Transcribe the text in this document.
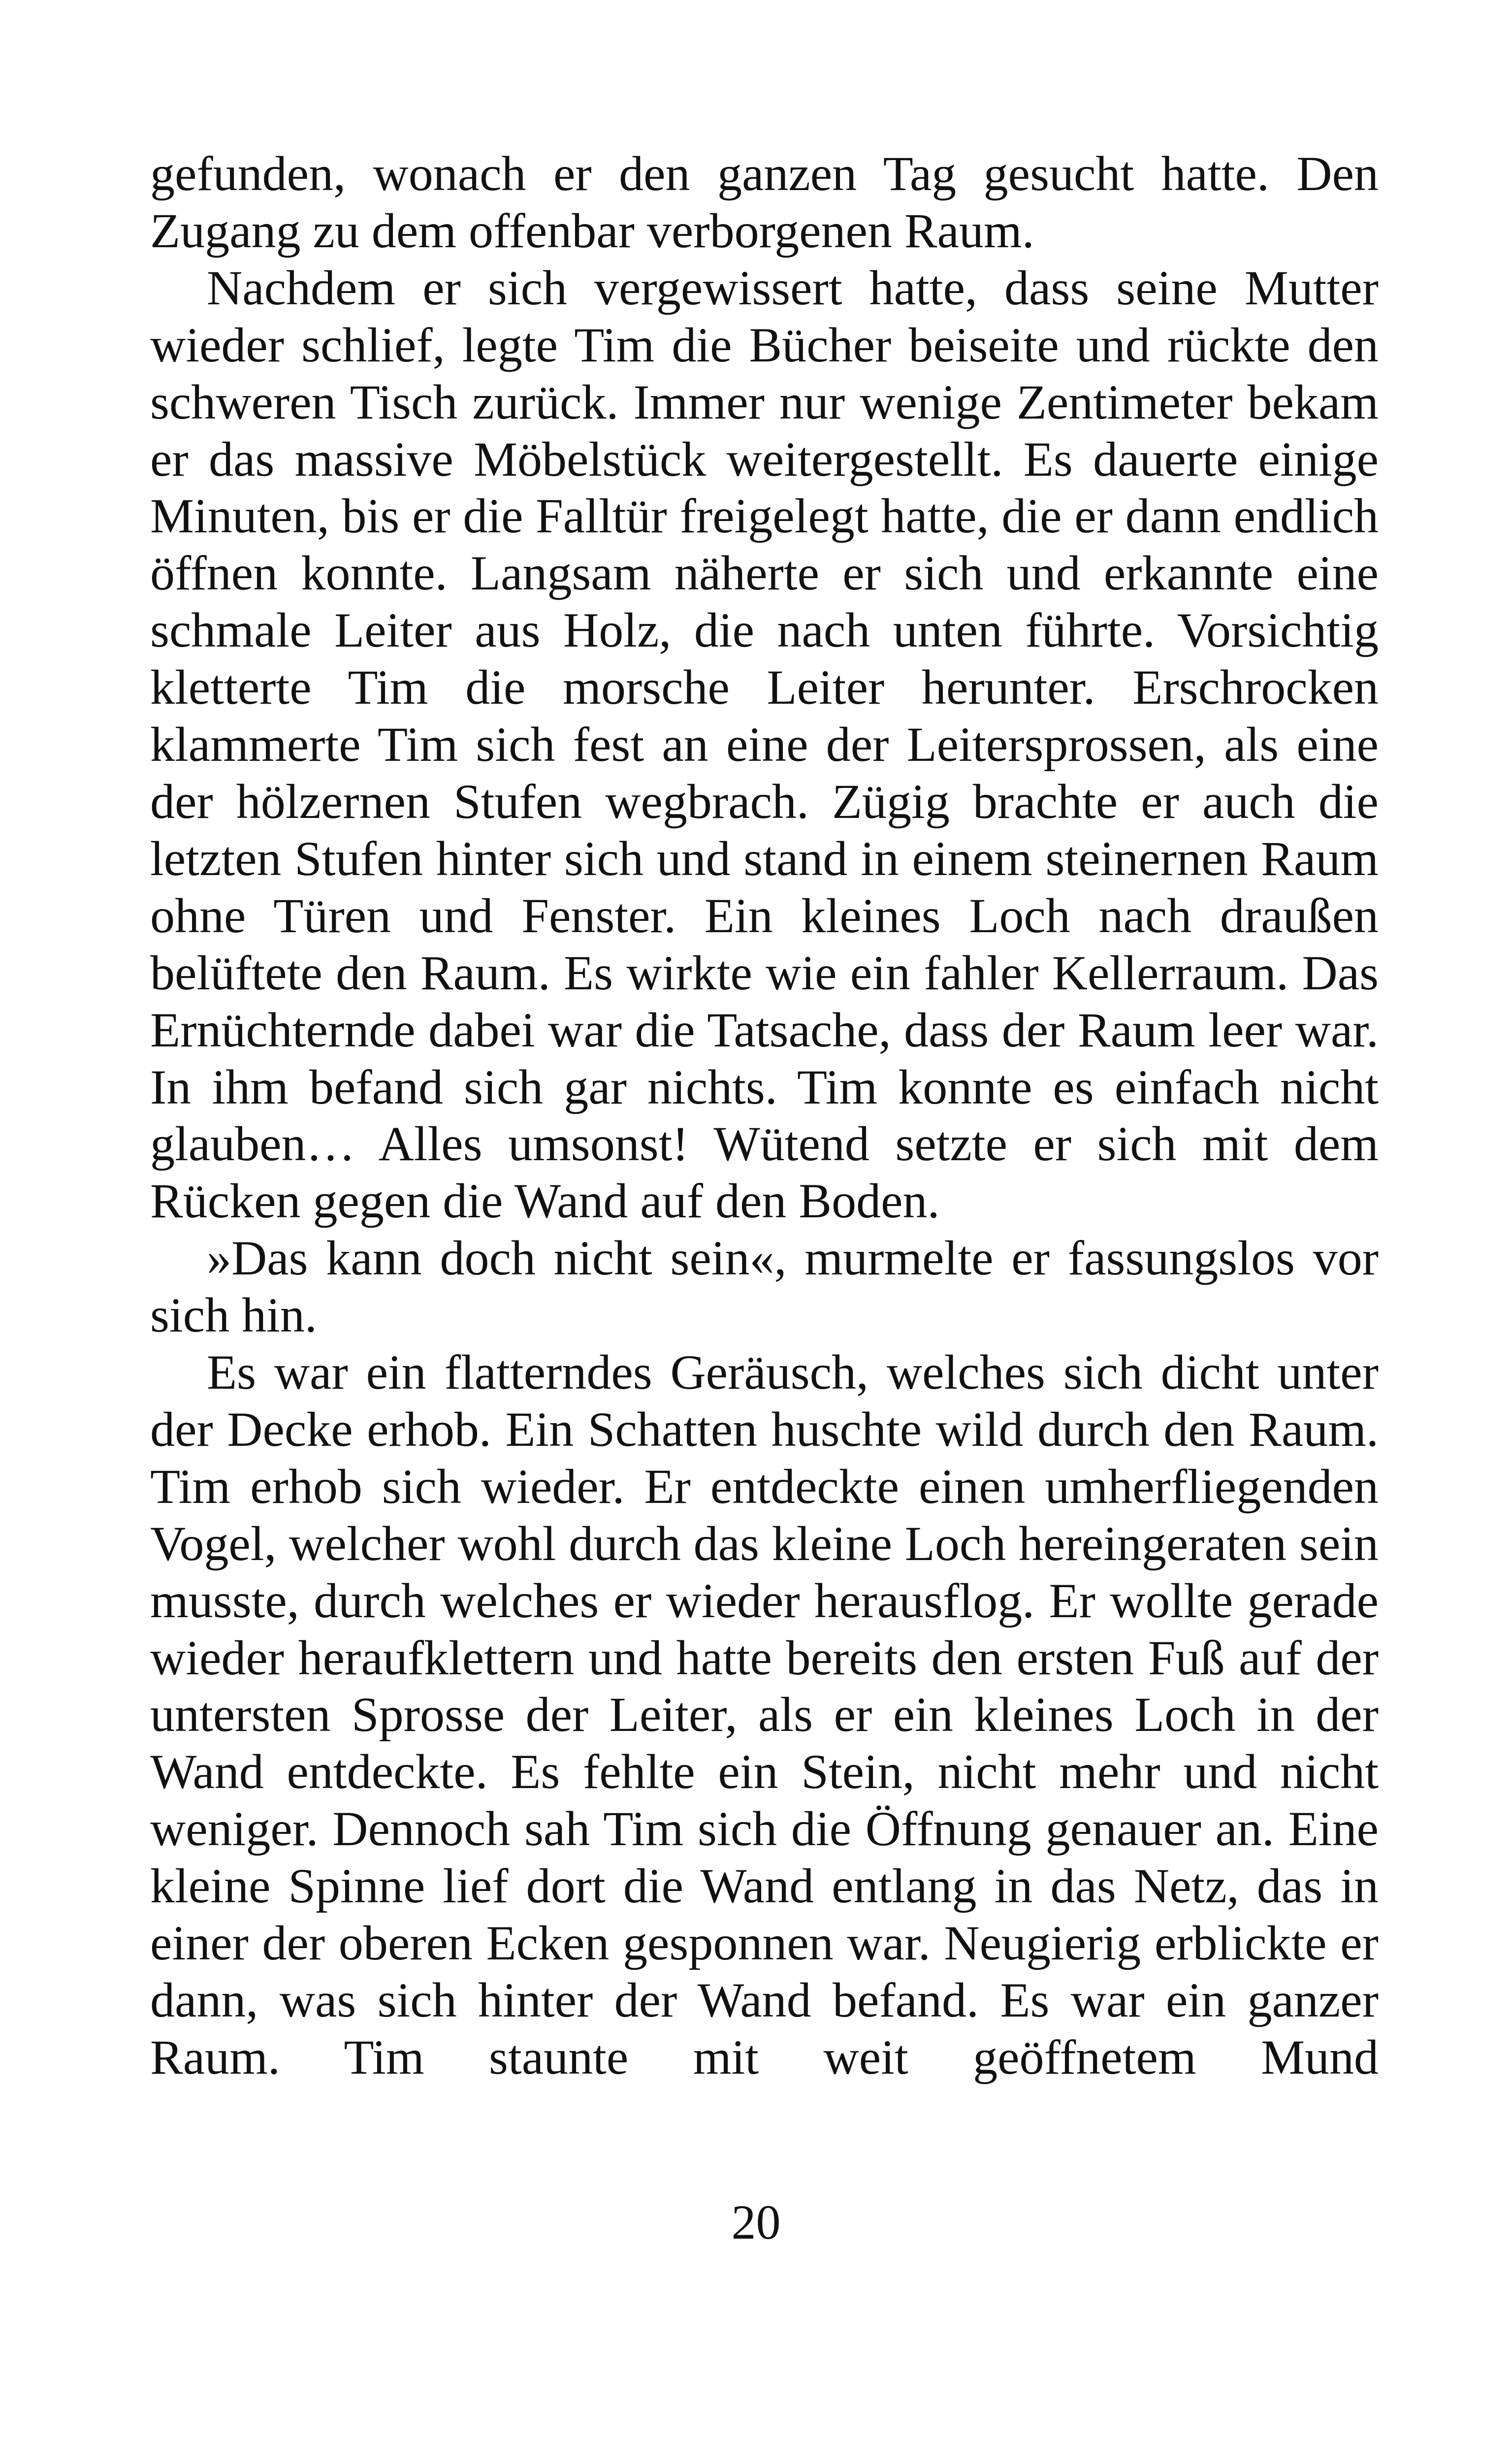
gefunden, wonach er den ganzen Tag gesucht hatte. Den Zugang zu dem offenbar verborgenen Raum.

Nachdem er sich vergewissert hatte, dass seine Mutter wieder schlief, legte Tim die Bücher beiseite und rückte den schweren Tisch zurück. Immer nur wenige Zentimeter bekam er das massive Möbelstück weitergestellt. Es dauerte einige Minuten, bis er die Falltür freigelegt hatte, die er dann endlich öffnen konnte. Langsam näherte er sich und erkannte eine schmale Leiter aus Holz, die nach unten führte. Vorsichtig kletterte Tim die morsche Leiter herunter. Erschrocken klammerte Tim sich fest an eine der Leitersprossen, als eine der hölzernen Stufen wegbrach. Zügig brachte er auch die letzten Stufen hinter sich und stand in einem steinernen Raum ohne Türen und Fenster. Ein kleines Loch nach draußen belüftete den Raum. Es wirkte wie ein fahler Kellerraum. Das Ernüchternde dabei war die Tatsache, dass der Raum leer war. In ihm befand sich gar nichts. Tim konnte es einfach nicht glauben… Alles umsonst! Wütend setzte er sich mit dem Rücken gegen die Wand auf den Boden.

»Das kann doch nicht sein«, murmelte er fassungslos vor sich hin.

Es war ein flatterndes Geräusch, welches sich dicht unter der Decke erhob. Ein Schatten huschte wild durch den Raum. Tim erhob sich wieder. Er entdeckte einen umherfliegenden Vogel, welcher wohl durch das kleine Loch hereingeraten sein musste, durch welches er wieder herausflog. Er wollte gerade wieder heraufklettern und hatte bereits den ersten Fuß auf der untersten Sprosse der Leiter, als er ein kleines Loch in der Wand entdeckte. Es fehlte ein Stein, nicht mehr und nicht weniger. Dennoch sah Tim sich die Öffnung genauer an. Eine kleine Spinne lief dort die Wand entlang in das Netz, das in einer der oberen Ecken gesponnen war. Neugierig erblickte er dann, was sich hinter der Wand befand. Es war ein ganzer Raum. Tim staunte mit weit geöffnetem Mund

20
